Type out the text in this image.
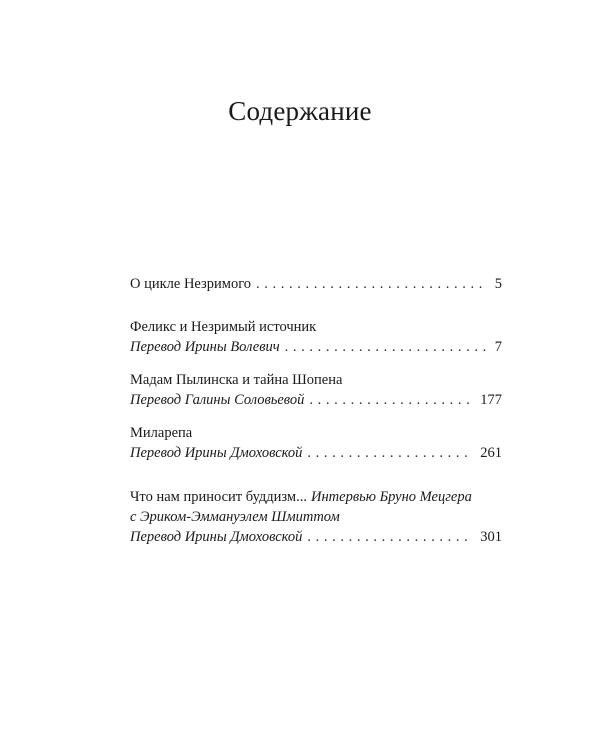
Содержание
О цикле Незримого . . .	5
Феликс и Незримый источник
Перевод Ирины Волевич . . .	7
Мадам Пылинска и тайна Шопена
Перевод Галины Соловьевой . . .	177
Миларепа
Перевод Ирины Дмоховской . . .	261
Что нам приносит буддизм... Интервью Бруно Мецгера
с Эриком-Эммануэлем Шмиттом
Перевод Ирины Дмоховской . . .	301
